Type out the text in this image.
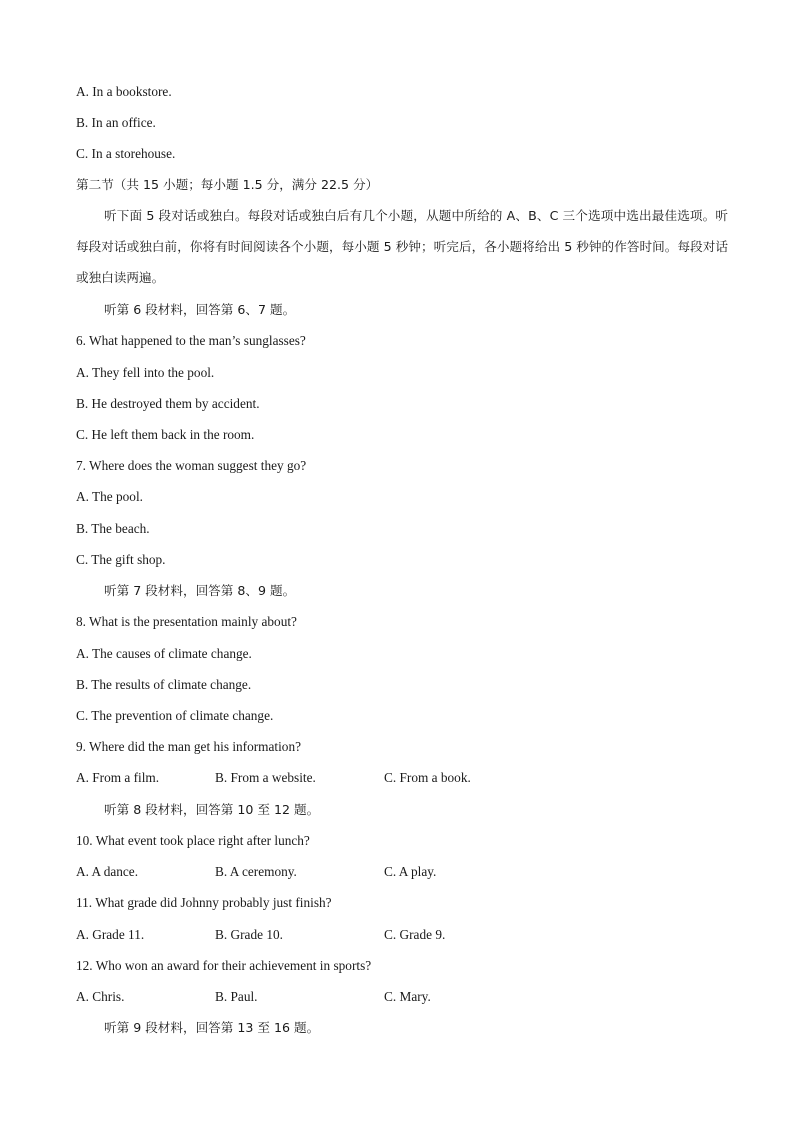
A. In a bookstore.
B. In an office.
C. In a storehouse.
第二节（共 15 小题；每小题 1.5 分，满分 22.5 分）

听下面 5 段对话或独白。每段对话或独白后有几个小题，从题中所给的 A、B、C 三个选项中选出最佳选项。听每段对话或独白前，你将有时间阅读各个小题，每小题 5 秒钟；听完后，各小题将给出 5 秒钟的作答时间。每段对话或独白读两遍。

听第 6 段材料，回答第 6、7 题。
6. What happened to the man’s sunglasses?
A. They fell into the pool.
B. He destroyed them by accident.
C. He left them back in the room.
7. Where does the woman suggest they go?
A. The pool.
B. The beach.
C. The gift shop.
听第 7 段材料，回答第 8、9 题。
8. What is the presentation mainly about?
A. The causes of climate change.
B. The results of climate change.
C. The prevention of climate change.
9. Where did the man get his information?
A. From a film.	B. From a website.	C. From a book.
听第 8 段材料，回答第 10 至 12 题。
10. What event took place right after lunch?
A. A dance.	B. A ceremony.	C. A play.
11. What grade did Johnny probably just finish?
A. Grade 11.	B. Grade 10.	C. Grade 9.
12. Who won an award for their achievement in sports?
A. Chris.	B. Paul.	C. Mary.
听第 9 段材料，回答第 13 至 16 题。
